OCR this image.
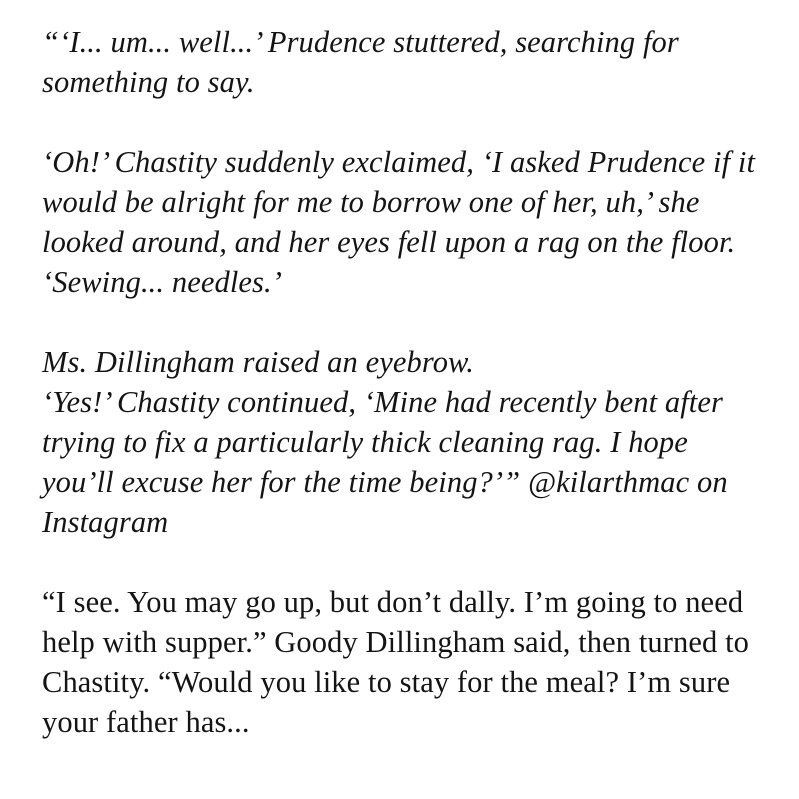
“‘I... um... well...’ Prudence stuttered, searching for something to say.

‘Oh!’ Chastity suddenly exclaimed, ‘I asked Prudence if it would be alright for me to borrow one of her, uh,’ she looked around, and her eyes fell upon a rag on the floor. ‘Sewing... needles.’

Ms. Dillingham raised an eyebrow.

‘Yes!’ Chastity continued, ‘Mine had recently bent after trying to fix a particularly thick cleaning rag. I hope you’ll excuse her for the time being?’” @kilarthmac on Instagram

“I see. You may go up, but don’t dally. I’m going to need help with supper.” Goody Dillingham said, then turned to Chastity. “Would you like to stay for the meal? I’m sure your father has...
